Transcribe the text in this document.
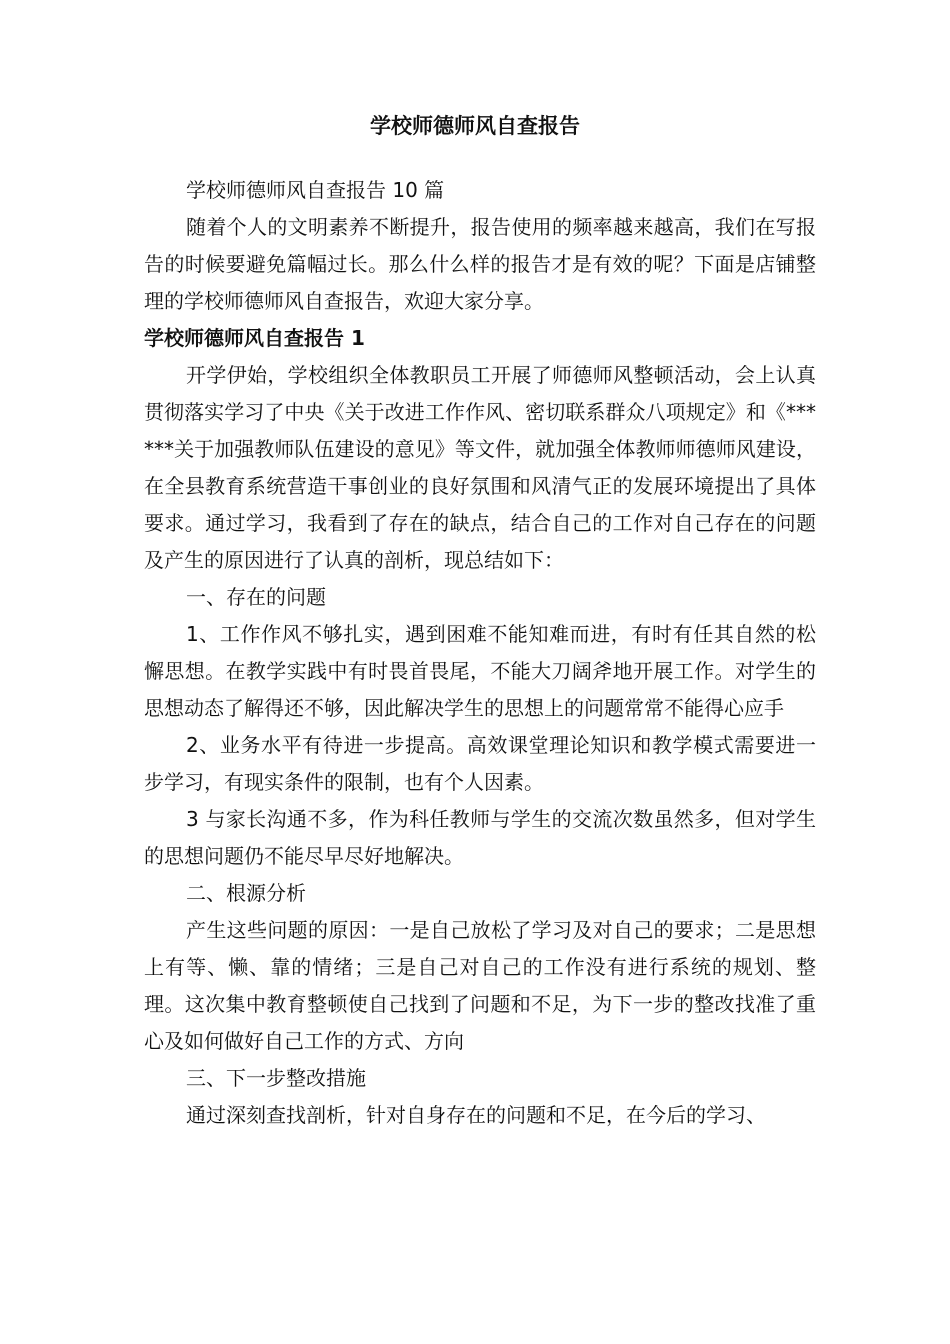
学校师德师风自查报告

学校师德师风自查报告 10 篇

随着个人的文明素养不断提升，报告使用的频率越来越高，我们在写报告的时候要避免篇幅过长。那么什么样的报告才是有效的呢？下面是店铺整理的学校师德师风自查报告，欢迎大家分享。

学校师德师风自查报告 1

开学伊始，学校组织全体教职员工开展了师德师风整顿活动，会上认真贯彻落实学习了中央《关于改进工作作风、密切联系群众八项规定》和《******关于加强教师队伍建设的意见》等文件，就加强全体教师师德师风建设，在全县教育系统营造干事创业的良好氛围和风清气正的发展环境提出了具体要求。通过学习，我看到了存在的缺点，结合自己的工作对自己存在的问题及产生的原因进行了认真的剖析，现总结如下：

一、存在的问题

1、工作作风不够扎实，遇到困难不能知难而进，有时有任其自然的松懈思想。在教学实践中有时畏首畏尾，不能大刀阔斧地开展工作。对学生的思想动态了解得还不够，因此解决学生的思想上的问题常常不能得心应手

2、业务水平有待进一步提高。高效课堂理论知识和教学模式需要进一步学习，有现实条件的限制，也有个人因素。

3 与家长沟通不多，作为科任教师与学生的交流次数虽然多，但对学生的思想问题仍不能尽早尽好地解决。

二、根源分析

产生这些问题的原因：一是自己放松了学习及对自己的要求；二是思想上有等、懒、靠的情绪；三是自己对自己的工作没有进行系统的规划、整理。这次集中教育整顿使自己找到了问题和不足，为下一步的整改找准了重心及如何做好自己工作的方式、方向

三、下一步整改措施

通过深刻查找剖析，针对自身存在的问题和不足，在今后的学习、
